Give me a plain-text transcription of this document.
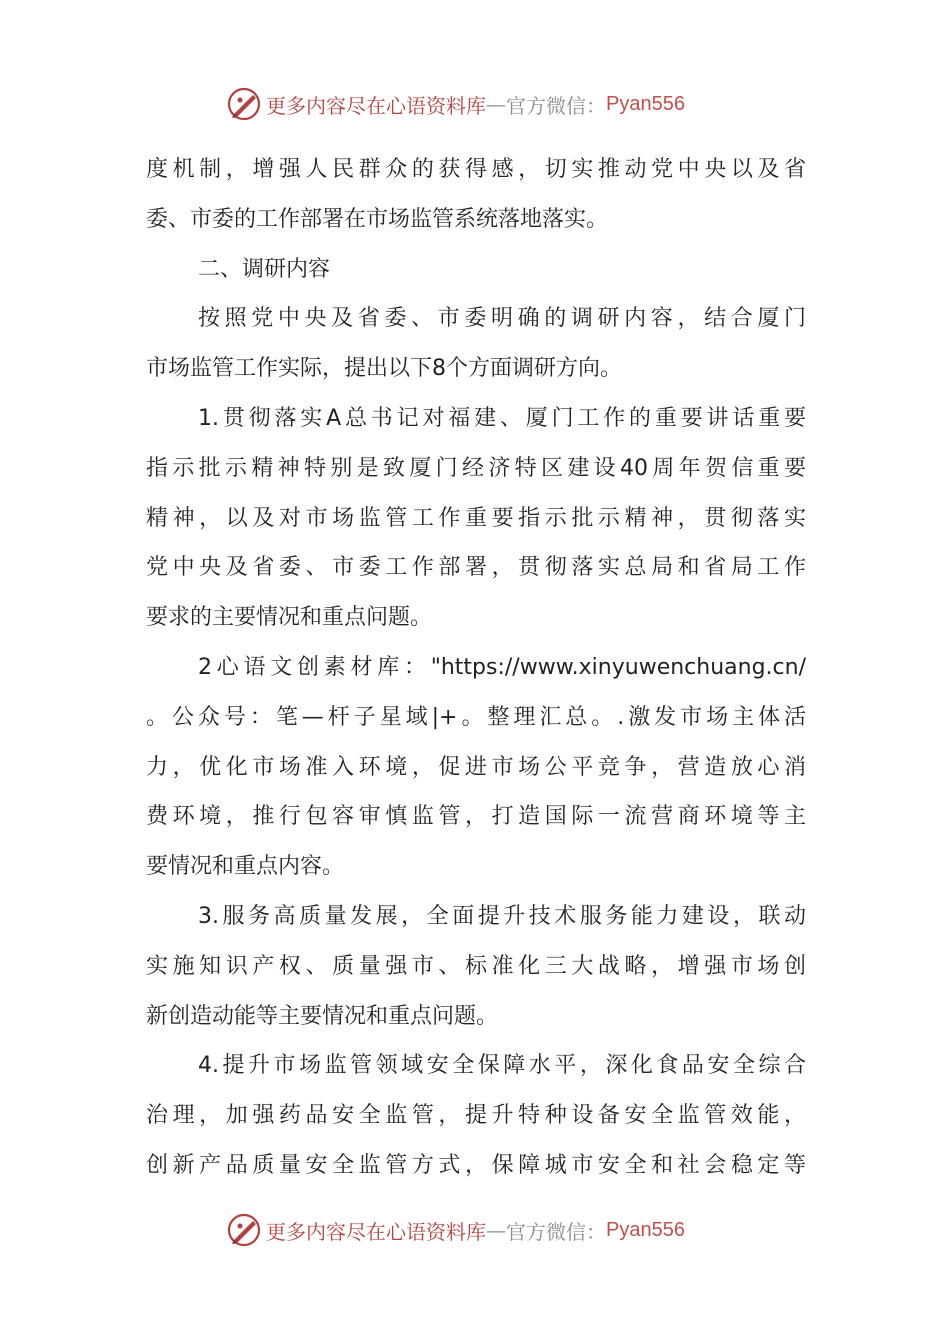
更多内容尽在心语资料库 — 官方微信： Pyan556
度机制，增强人民群众的获得感，切实推动党中央以及省
委、市委的工作部署在市场监管系统落地落实。
二、调研内容
按照党中央及省委、市委明确的调研内容，结合厦门
市场监管工作实际，提出以下8个方面调研方向。
1.贯彻落实A总书记对福建、厦门工作的重要讲话重要
指示批示精神特别是致厦门经济特区建设40周年贺信重要
精神，以及对市场监管工作重要指示批示精神，贯彻落实
党中央及省委、市委工作部署，贯彻落实总局和省局工作
要求的主要情况和重点问题。
2心语文创素材库："https://www.xinyuwenchuang.cn/
。公众号：笔—杆子星域|+。整理汇总。.激发市场主体活
力，优化市场准入环境，促进市场公平竞争，营造放心消
费环境，推行包容审慎监管，打造国际一流营商环境等主
要情况和重点内容。
3.服务高质量发展，全面提升技术服务能力建设，联动
实施知识产权、质量强市、标准化三大战略，增强市场创
新创造动能等主要情况和重点问题。
4.提升市场监管领域安全保障水平，深化食品安全综合
治理，加强药品安全监管，提升特种设备安全监管效能，
创新产品质量安全监管方式，保障城市安全和社会稳定等
更多内容尽在心语资料库 — 官方微信： Pyan556
